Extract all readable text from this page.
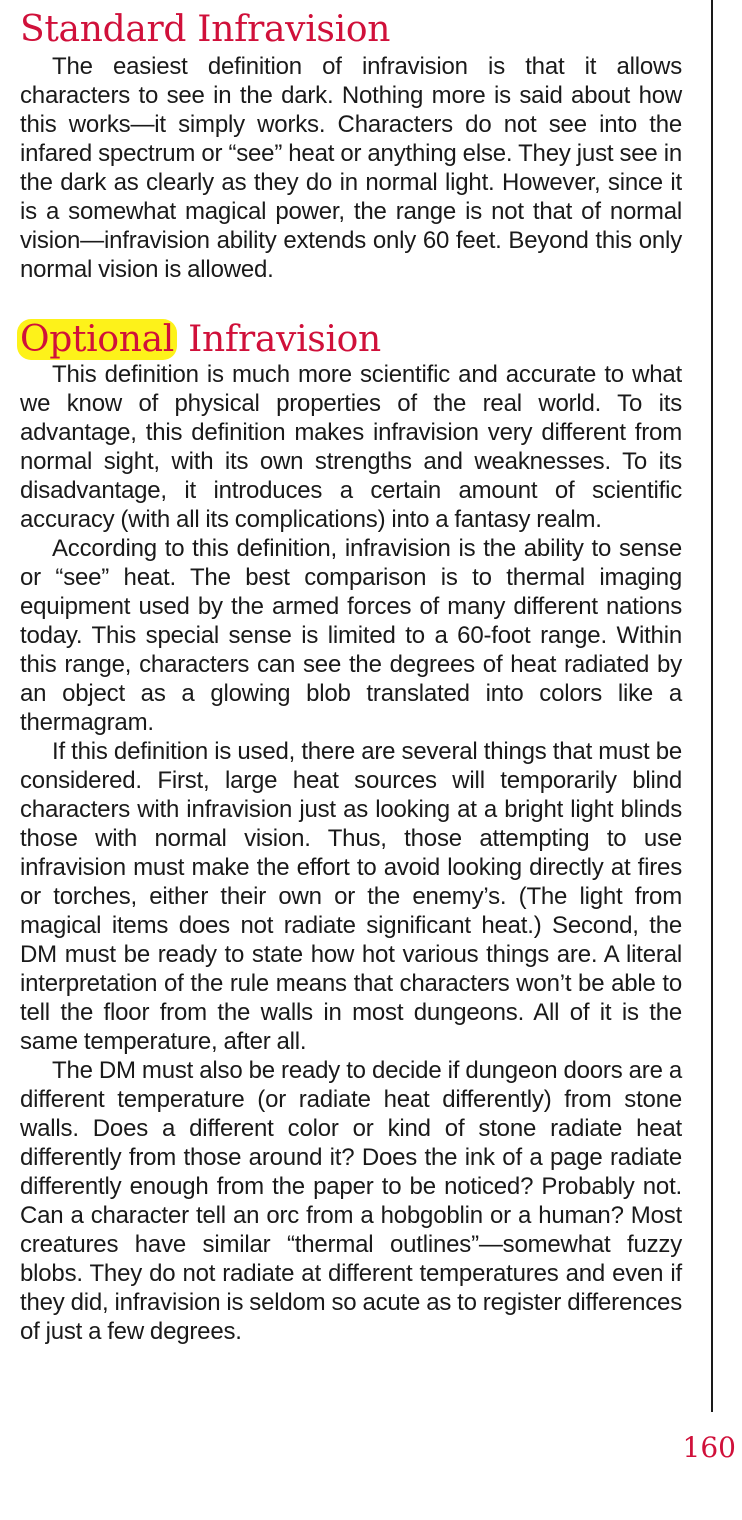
Standard Infravision

The easiest definition of infravision is that it allows characters to see in the dark. Nothing more is said about how this works—it simply works. Characters do not see into the infared spectrum or “see” heat or anything else. They just see in the dark as clearly as they do in normal light. However, since it is a somewhat magical power, the range is not that of normal vision—infravision ability extends only 60 feet. Beyond this only normal vision is allowed.

Optional Infravision

This definition is much more scientific and accurate to what we know of physical properties of the real world. To its advantage, this definition makes infravision very different from normal sight, with its own strengths and weaknesses. To its disadvantage, it introduces a certain amount of scientific accuracy (with all its complications) into a fantasy realm.

According to this definition, infravision is the ability to sense or “see” heat. The best comparison is to thermal imaging equipment used by the armed forces of many different nations today. This special sense is limited to a 60-foot range. Within this range, characters can see the degrees of heat radiated by an object as a glowing blob translated into colors like a thermagram.

If this definition is used, there are several things that must be considered. First, large heat sources will temporarily blind characters with infravision just as looking at a bright light blinds those with normal vision. Thus, those attempting to use infravision must make the effort to avoid looking directly at fires or torches, either their own or the enemy’s. (The light from magical items does not radiate significant heat.) Second, the DM must be ready to state how hot various things are. A literal interpretation of the rule means that characters won’t be able to tell the floor from the walls in most dungeons. All of it is the same temperature, after all.

The DM must also be ready to decide if dungeon doors are a different temperature (or radiate heat differently) from stone walls. Does a different color or kind of stone radiate heat differently from those around it? Does the ink of a page radiate differently enough from the paper to be noticed? Probably not. Can a character tell an orc from a hobgoblin or a human? Most creatures have similar “thermal outlines”—somewhat fuzzy blobs. They do not radiate at different temperatures and even if they did, infravision is seldom so acute as to register differences of just a few degrees.

160
